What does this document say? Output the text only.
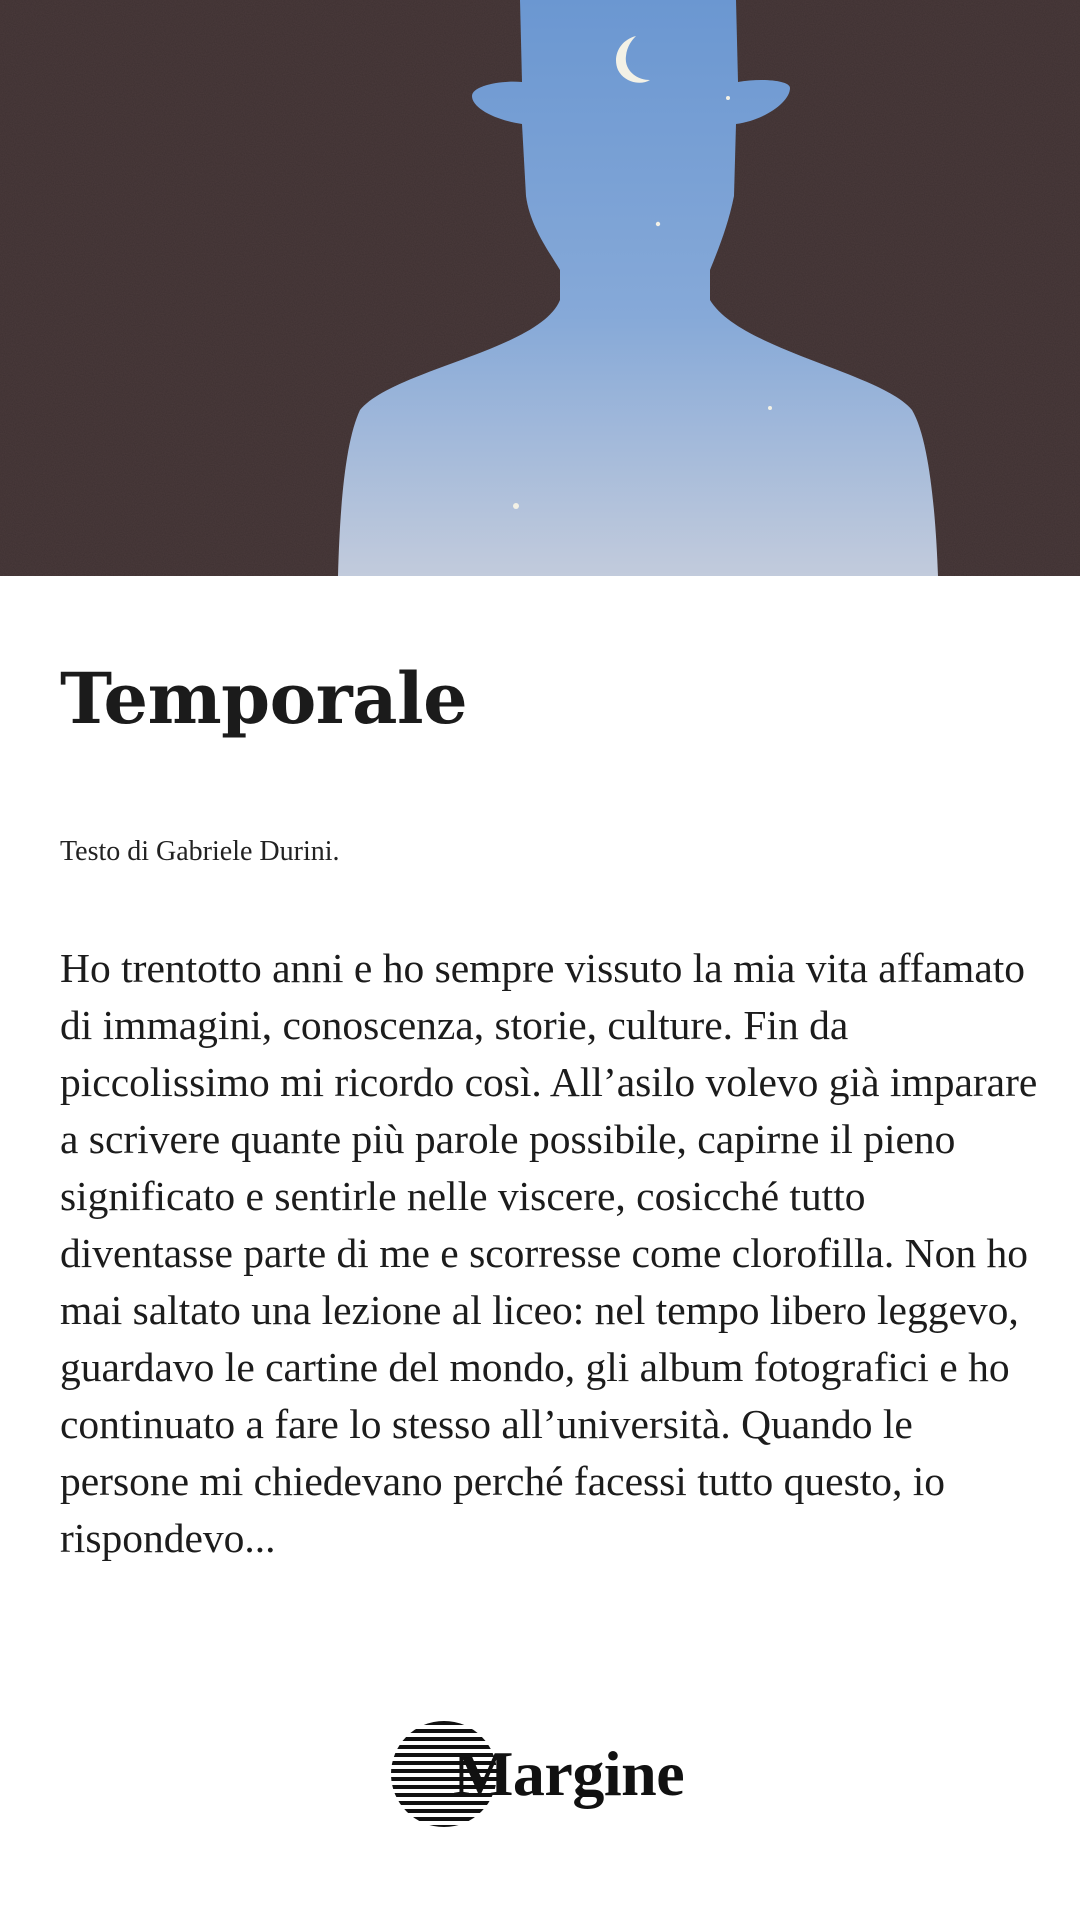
Temporale

Testo di Gabriele Durini.

Ho trentotto anni e ho sempre vissuto la mia vita affamato di immagini, conoscenza, storie, culture. Fin da piccolissimo mi ricordo così. All’asilo volevo già imparare a scrivere quante più parole possibile, capirne il pieno significato e sentirle nelle viscere, cosicché tutto diventasse parte di me e scorresse come clorofilla. Non ho mai saltato una lezione al liceo: nel tempo libero leggevo, guardavo le cartine del mondo, gli album fotografici e ho continuato a fare lo stesso all’università. Quando le persone mi chiedevano perché facessi tutto questo, io rispondevo...

Margine
